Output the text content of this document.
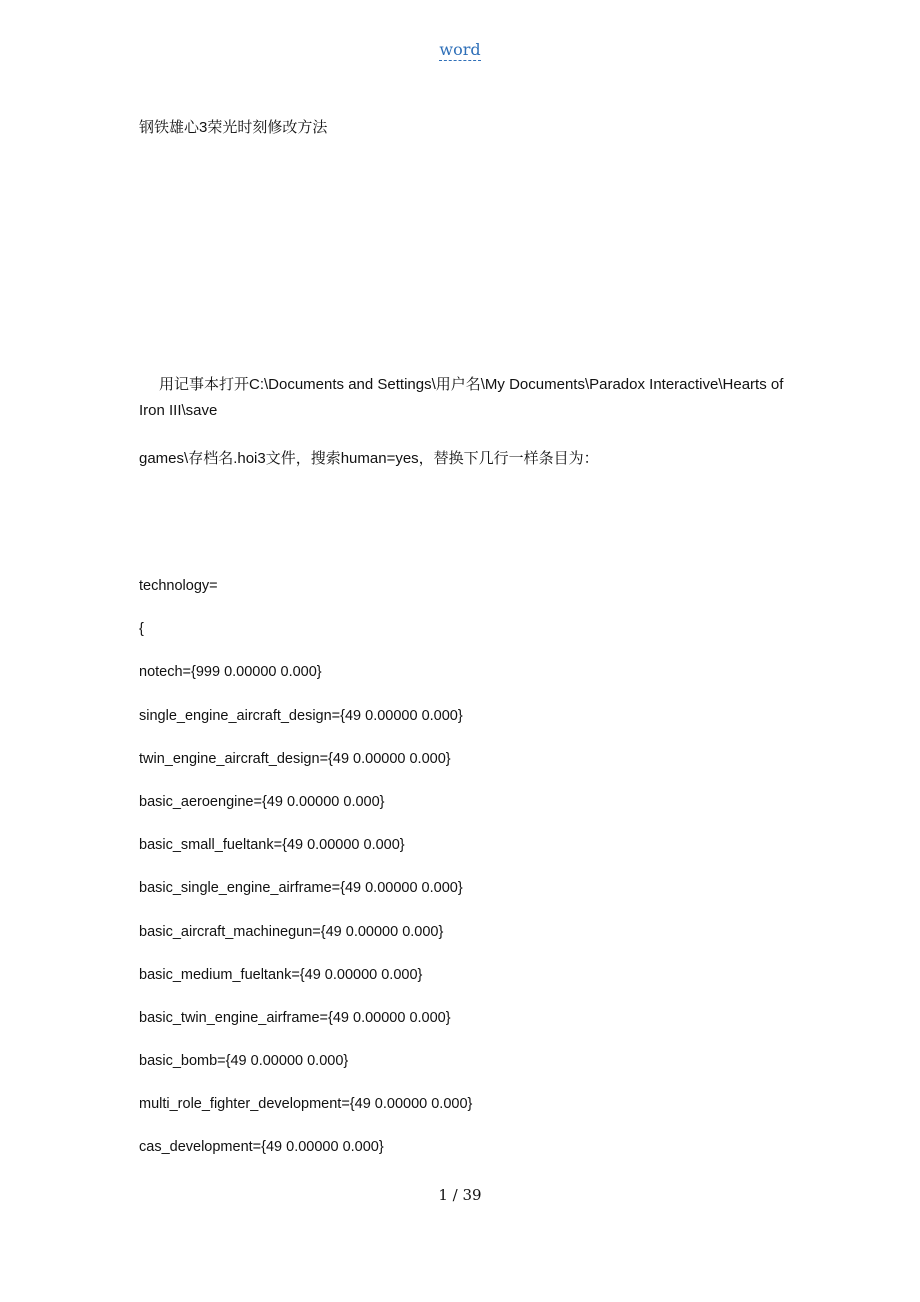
word
钢铁雄心3荣光时刻修改方法

用记事本打开C:\Documents and Settings\用户名\My Documents\Paradox Interactive\Hearts of Iron III\save

games\存档名.hoi3文件，搜索human=yes，替换下几行一样条目为：

technology=
{
notech={999 0.00000 0.000}
single_engine_aircraft_design={49 0.00000 0.000}
twin_engine_aircraft_design={49 0.00000 0.000}
basic_aeroengine={49 0.00000 0.000}
basic_small_fueltank={49 0.00000 0.000}
basic_single_engine_airframe={49 0.00000 0.000}
basic_aircraft_machinegun={49 0.00000 0.000}
basic_medium_fueltank={49 0.00000 0.000}
basic_twin_engine_airframe={49 0.00000 0.000}
basic_bomb={49 0.00000 0.000}
multi_role_fighter_development={49 0.00000 0.000}
cas_development={49 0.00000 0.000}
1 / 39
